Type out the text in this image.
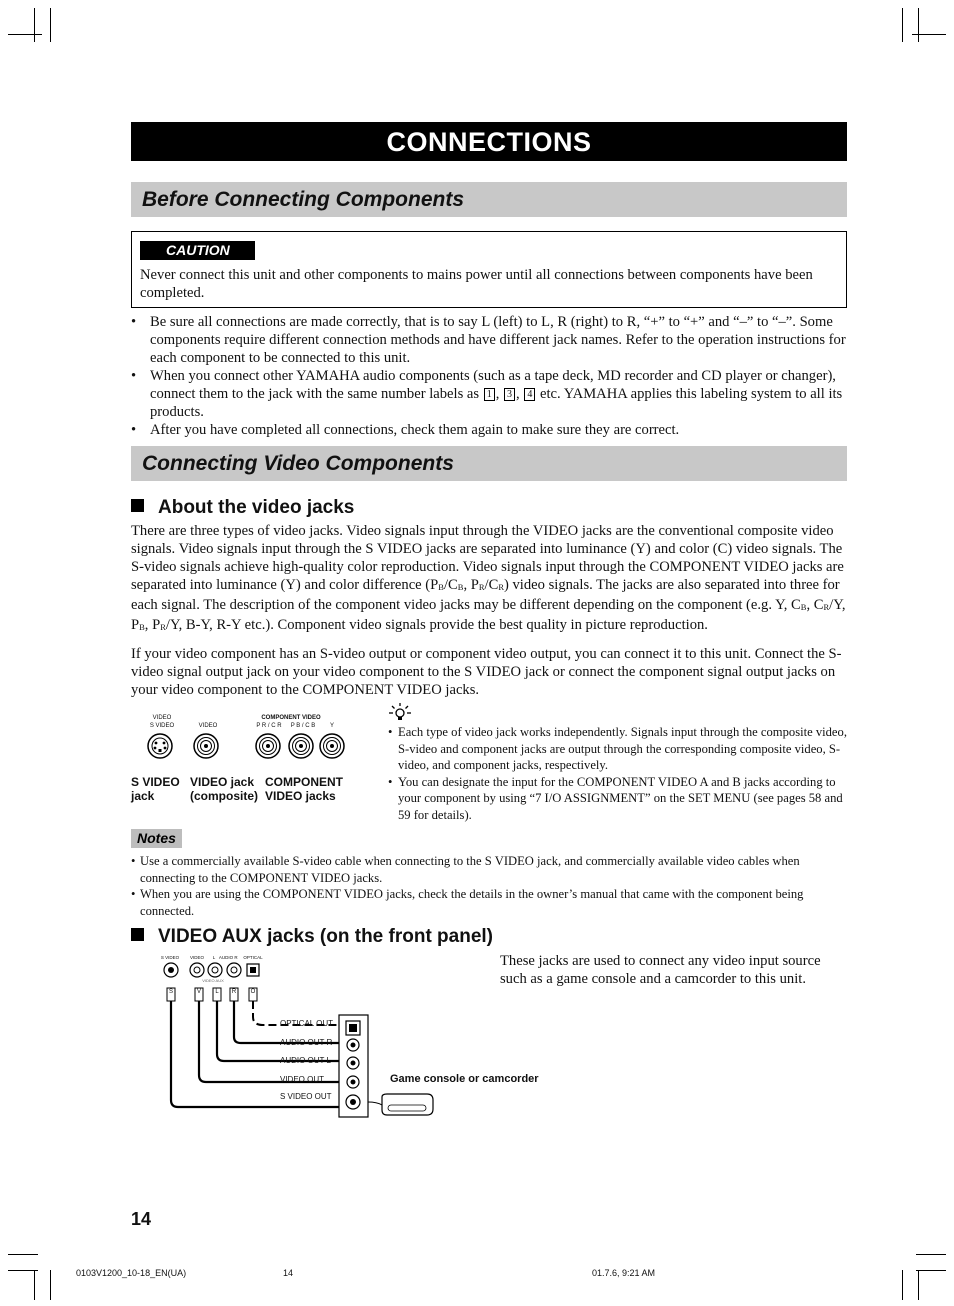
CONNECTIONS
Before Connecting Components
CAUTION
Never connect this unit and other components to mains power until all connections between components have been completed.
• Be sure all connections are made correctly, that is to say L (left) to L, R (right) to R, “+” to “+” and “–” to “–”. Some components require different connection methods and have different jack names. Refer to the operation instructions for each component to be connected to this unit.
• When you connect other YAMAHA audio components (such as a tape deck, MD recorder and CD player or changer), connect them to the jack with the same number labels as 1 , 3 , 4 etc. YAMAHA applies this labeling system to all its products.
• After you have completed all connections, check them again to make sure they are correct.
Connecting Video Components
About the video jacks
There are three types of video jacks. Video signals input through the VIDEO jacks are the conventional composite video signals. Video signals input through the S VIDEO jacks are separated into luminance (Y) and color (C) video signals. The S-video signals achieve high-quality color reproduction. Video signals input through the COMPONENT VIDEO jacks are separated into luminance (Y) and color difference (PB/CB, PR/CR) video signals. The jacks are also separated into three for each signal. The description of the component video jacks may be different depending on the component (e.g. Y, CB, CR/Y, PB, PR/Y, B-Y, R-Y etc.). Component video signals provide the best quality in picture reproduction.
If your video component has an S-video output or component video output, you can connect it to this unit. Connect the S-video signal output jack on your video component to the S VIDEO jack or connect the component signal output jacks on your video component to the COMPONENT VIDEO jacks.
VIDEO
S VIDEO	VIDEO
COMPONENT VIDEO
P R / C R	P B / C B	Y
S VIDEO jack
VIDEO jack (composite)
COMPONENT VIDEO jacks
• Each type of video jack works independently. Signals input through the composite video, S-video and component jacks are output through the corresponding composite video, S-video, and component jacks, respectively.
• You can designate the input for the COMPONENT VIDEO A and B jacks according to your component by using “7 I/O ASSIGNMENT” on the SET MENU (see pages 58 and 59 for details).
Notes
• Use a commercially available S-video cable when connecting to the S VIDEO jack, and commercially available video cables when connecting to the COMPONENT VIDEO jacks.
• When you are using the COMPONENT VIDEO jacks, check the details in the owner’s manual that came with the component being connected.
VIDEO AUX jacks (on the front panel)
These jacks are used to connect any video input source such as a game console and a camcorder to this unit.
S VIDEO	VIDEO	L AUDIO R	OPTICAL
VIDEO AUX
S	V	L	R	O
OPTICAL OUT
AUDIO OUT R
AUDIO OUT L
VIDEO OUT
S VIDEO OUT
Game console or camcorder
14
0103V1200_10-18_EN(UA)	14	01.7.6, 9:21 AM
